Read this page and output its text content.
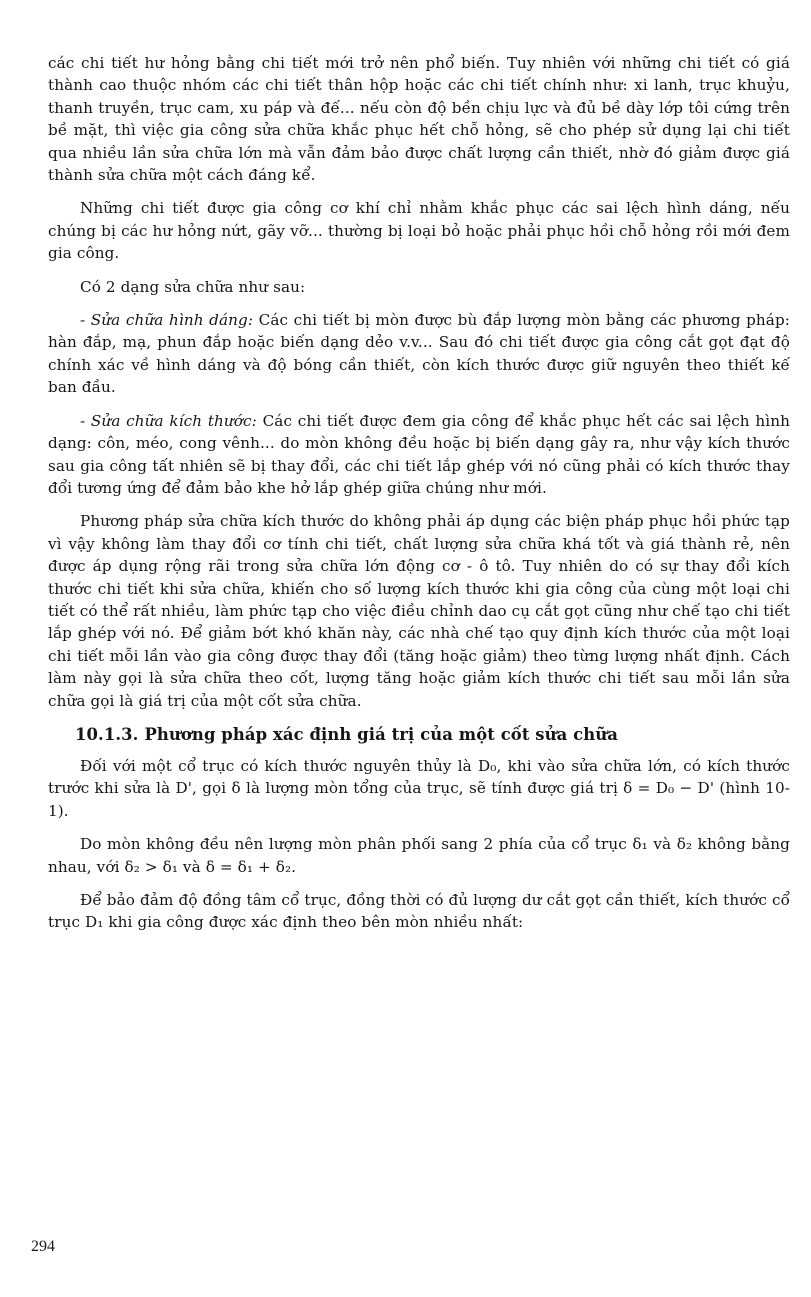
các chi tiết hư hỏng bằng chi tiết mới trở nên phổ biến. Tuy nhiên với những chi tiết có giá thành cao thuộc nhóm các chi tiết thân hộp hoặc các chi tiết chính như: xi lanh, trục khuỷu, thanh truyền, trục cam, xu páp và đế... nếu còn độ bền chịu lực và đủ bề dày lớp tôi cứng trên bề mặt, thì việc gia công sửa chữa khắc phục hết chỗ hỏng, sẽ cho phép sử dụng lại chi tiết qua nhiều lần sửa chữa lớn mà vẫn đảm bảo được chất lượng cần thiết, nhờ đó giảm được giá thành sửa chữa một cách đáng kể.

Những chi tiết được gia công cơ khí chỉ nhằm khắc phục các sai lệch hình dáng, nếu chúng bị các hư hỏng nứt, gãy vỡ... thường bị loại bỏ hoặc phải phục hồi chỗ hỏng rồi mới đem gia công.

Có 2 dạng sửa chữa như sau:

- Sửa chữa hình dáng: Các chi tiết bị mòn được bù đắp lượng mòn bằng các phương pháp: hàn đắp, mạ, phun đắp hoặc biến dạng dẻo v.v... Sau đó chi tiết được gia công cắt gọt đạt độ chính xác về hình dáng và độ bóng cần thiết, còn kích thước được giữ nguyên theo thiết kế ban đầu.

- Sửa chữa kích thước: Các chi tiết được đem gia công để khắc phục hết các sai lệch hình dạng: côn, méo, cong vênh... do mòn không đều hoặc bị biến dạng gây ra, như vậy kích thước sau gia công tất nhiên sẽ bị thay đổi, các chi tiết lắp ghép với nó cũng phải có kích thước thay đổi tương ứng để đảm bảo khe hở lắp ghép giữa chúng như mới.

Phương pháp sửa chữa kích thước do không phải áp dụng các biện pháp phục hồi phức tạp vì vậy không làm thay đổi cơ tính chi tiết, chất lượng sửa chữa khá tốt và giá thành rẻ, nên được áp dụng rộng rãi trong sửa chữa lớn động cơ - ô tô. Tuy nhiên do có sự thay đổi kích thước chi tiết khi sửa chữa, khiến cho số lượng kích thước khi gia công của cùng một loại chi tiết có thể rất nhiều, làm phức tạp cho việc điều chỉnh dao cụ cắt gọt cũng như chế tạo chi tiết lắp ghép với nó. Để giảm bớt khó khăn này, các nhà chế tạo quy định kích thước của một loại chi tiết mỗi lần vào gia công được thay đổi (tăng hoặc giảm) theo từng lượng nhất định. Cách làm này gọi là sửa chữa theo cốt, lượng tăng hoặc giảm kích thước chi tiết sau mỗi lần sửa chữa gọi là giá trị của một cốt sửa chữa.

10.1.3. Phương pháp xác định giá trị của một cốt sửa chữa

Đối với một cổ trục có kích thước nguyên thủy là D₀, khi vào sửa chữa lớn, có kích thước trước khi sửa là D', gọi δ là lượng mòn tổng của trục, sẽ tính được giá trị δ = D₀ − D' (hình 10-1).

Do mòn không đều nên lượng mòn phân phối sang 2 phía của cổ trục δ₁ và δ₂ không bằng nhau, với δ₂ > δ₁ và δ = δ₁ + δ₂.

Để bảo đảm độ đồng tâm cổ trục, đồng thời có đủ lượng dư cắt gọt cần thiết, kích thước cổ trục D₁ khi gia công được xác định theo bên mòn nhiều nhất:

294
